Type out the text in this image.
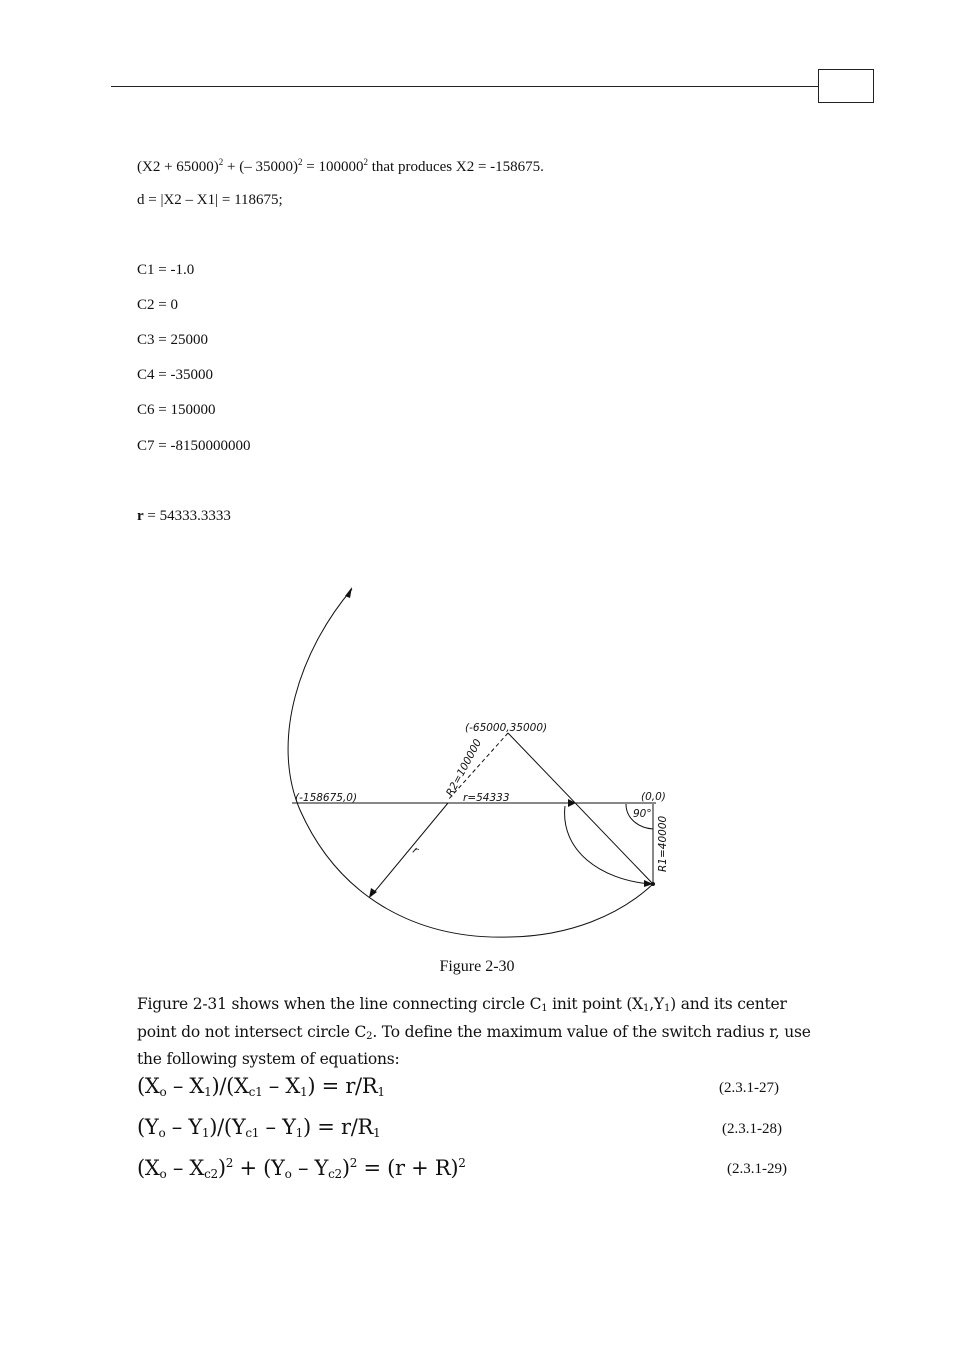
$(X2 + 65000)^2$ + (– $35000)^2 = 100000^2$ that produces X2 = -158675.
d = |X2 – X1| = 118675;
C1 = -1.0
C2 = 0
C3 = 25000
C4 = -35000
C6 = 150000
C7 = -8150000000
r = 54333.3333
(-65000,35000)
(-158675,0)	(0,0)
R2=100000
r=54333
90°
R1=40000
r
Figure 2-30
Figure 2-31 shows when the line connecting circle $C_1$ init point $(X_1,Y_1)$ and its center point do not intersect circle $C_2$. To define the maximum value of the switch radius r, use the following system of equations:
$(X_o - X_1)/(X_{c1} - X_1) = r/R_1$	(2.3.1-27)
$(Y_o - Y_1)/(Y_{c1} - Y_1) = r/R_1$	(2.3.1-28)
$(X_o - X_{c2})^2 + (Y_o - Y_{c2})^2 = (r + R)^2$	(2.3.1-29)
